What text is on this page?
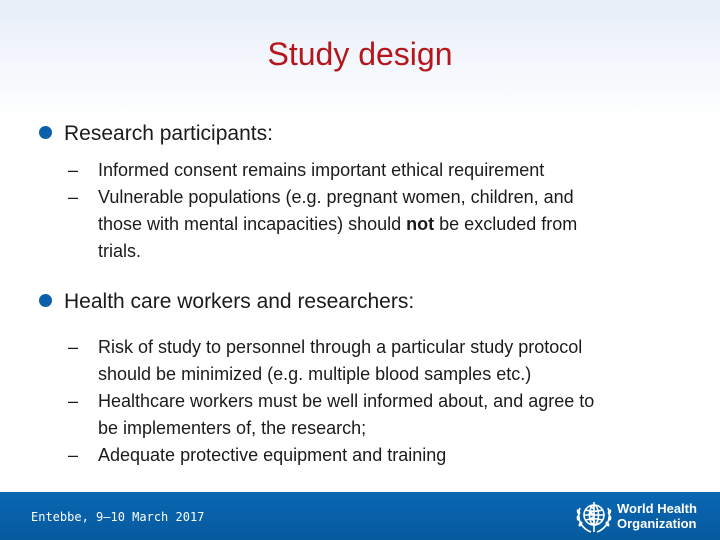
Study design
Research participants:
– Informed consent remains important ethical requirement
– Vulnerable populations (e.g. pregnant women, children, and
those with mental incapacities) should not be excluded from
trials.
Health care workers and researchers:
– Risk of study to personnel through a particular study protocol
should be minimized (e.g. multiple blood samples etc.)
– Healthcare workers must be well informed about, and agree to
be implementers of, the research;
– Adequate protective equipment and training
Entebbe, 9–10 March 2017
World Health
Organization
